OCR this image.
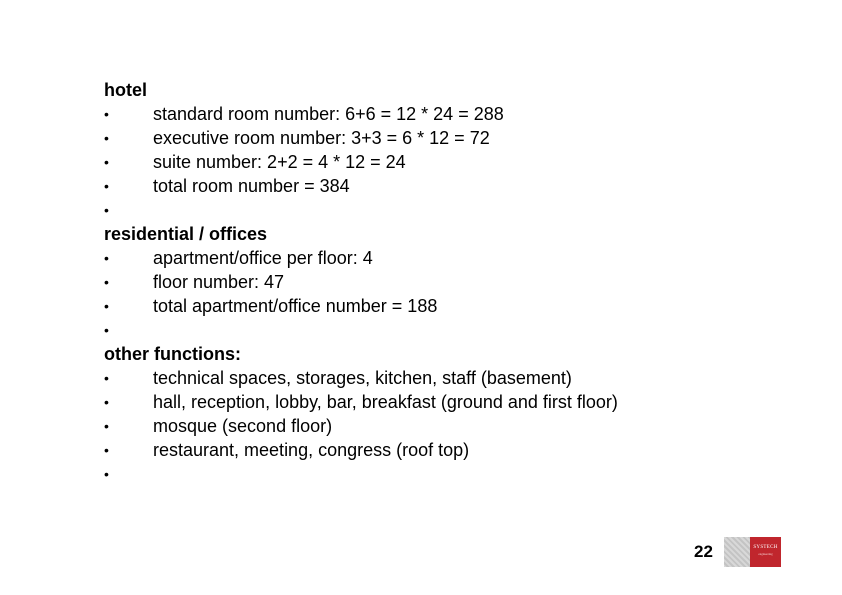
hotel
•	standard room number: 6+6 = 12 * 24 = 288
•	executive room number: 3+3 = 6 * 12 = 72
•	suite number: 2+2 = 4 * 12 = 24
•	total room number = 384
•
residential / offices
•	apartment/office per floor: 4
•	floor number: 47
•	total apartment/office number = 188
•
other functions:
•	technical spaces, storages, kitchen, staff (basement)
•	hall, reception, lobby, bar, breakfast (ground and first floor)
•	mosque (second floor)
•	restaurant, meeting, congress (roof top)
•
22	SYSTECH
engineering
